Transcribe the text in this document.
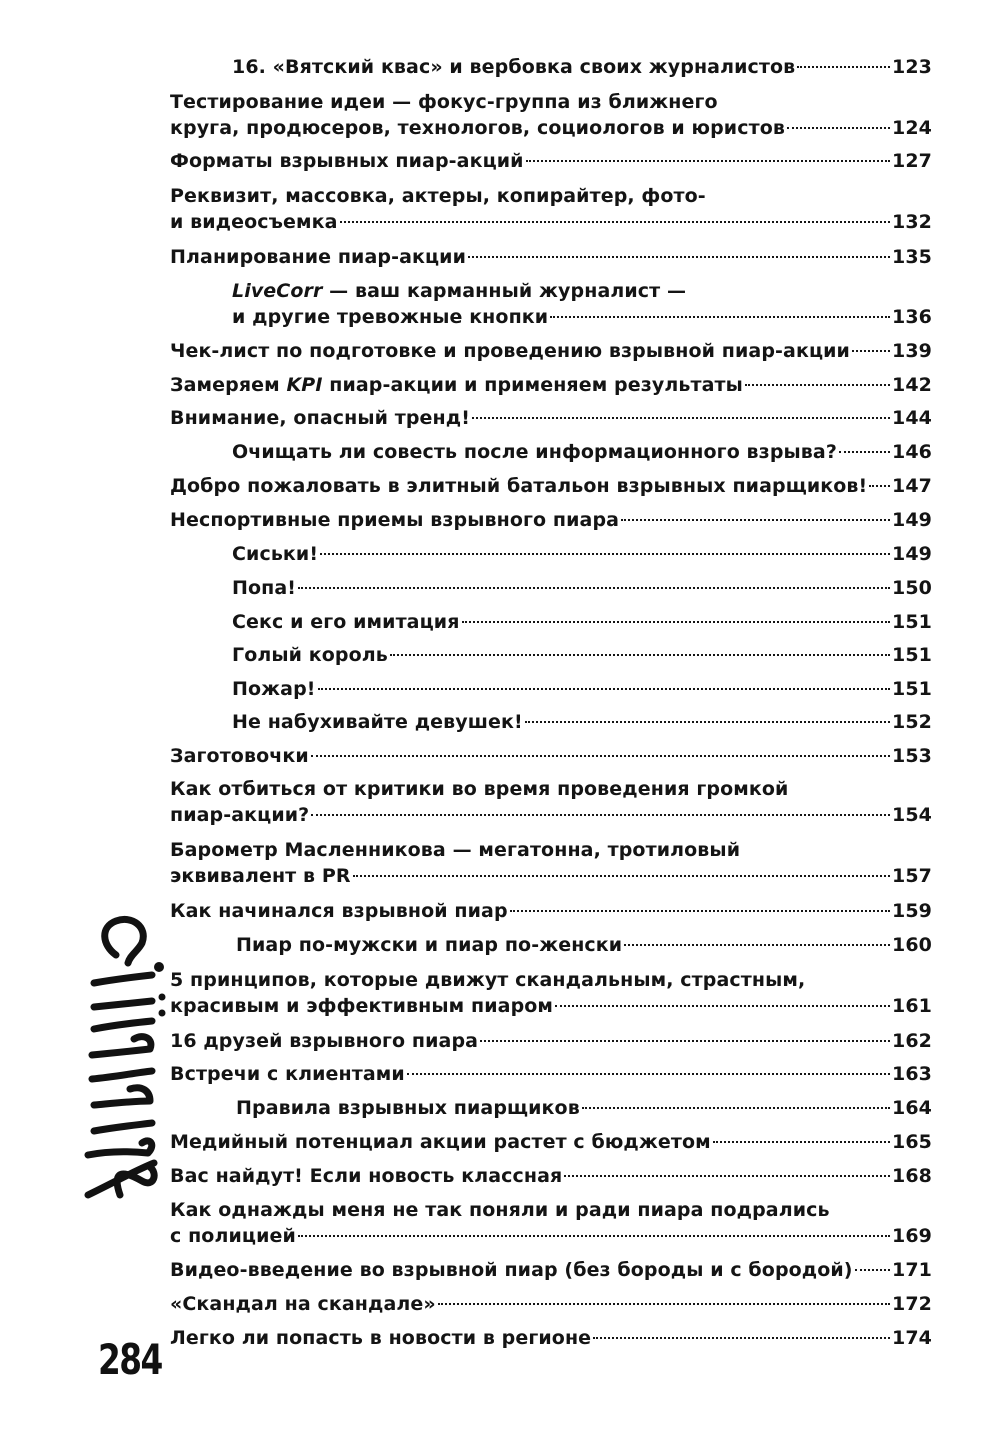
16. «Вятский квас» и вербовка своих журналистов	123
Тестирование идеи — фокус-группа из ближнего
круга, продюсеров, технологов, социологов и юристов	124
Форматы взрывных пиар-акций	127
Реквизит, массовка, актеры, копирайтер, фото-
и видеосъемка	132
Планирование пиар-акции	135
LiveCorr — ваш карманный журналист —
и другие тревожные кнопки	136
Чек-лист по подготовке и проведению взрывной пиар-акции 139
Замеряем KPI пиар-акции и применяем результаты	142
Внимание, опасный тренд!	144
Очищать ли совесть после информационного взрыва?	146
Добро пожаловать в элитный батальон взрывных пиарщиков! 147
Неспортивные приемы взрывного пиара	149
Сиськи!	149
Попа!	150
Секс и его имитация	151
Голый король	151
Пожар!	151
Не набухивайте девушек!	152
Заготовочки	153
Как отбиться от критики во время проведения громкой
пиар-акции?	154
Барометр Масленникова — мегатонна, тротиловый
эквивалент в PR	157
Как начинался взрывной пиар	159
Пиар по-мужски и пиар по-женски	160
5 принципов, которые движут скандальным, страстным,
красивым и эффективным пиаром	161
16 друзей взрывного пиара	162
Встречи с клиентами	163
Правила взрывных пиарщиков	164
Медийный потенциал акции растет с бюджетом	165
Вас найдут! Если новость классная	168
Как однажды меня не так поняли и ради пиара подрались
с полицией	169
Видео-введение во взрывной пиар (без бороды и с бородой) 171
«Скандал на скандале»	172
Легко ли попасть в новости в регионе	174
284
